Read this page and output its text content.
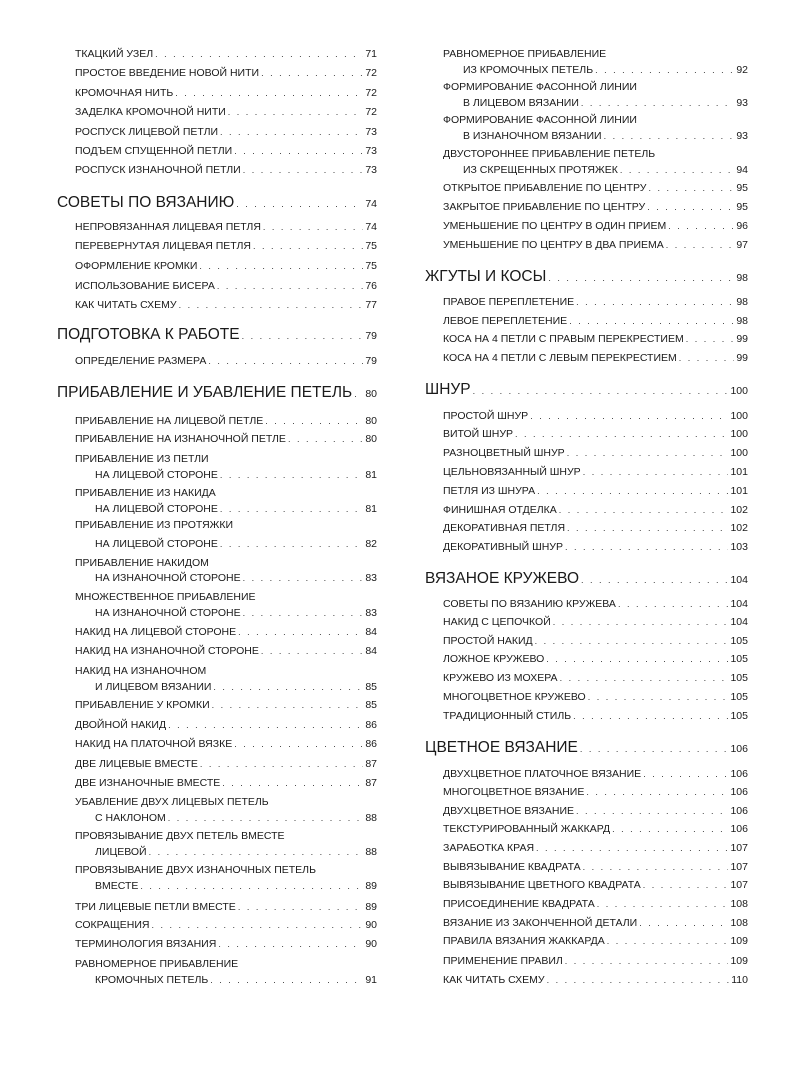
ТКАЦКИЙ УЗЕЛ . . .	71
ПРОСТОЕ ВВЕДЕНИЕ НОВОЙ НИТИ . . .	72
КРОМОЧНАЯ НИТЬ . . .	72
ЗАДЕЛКА КРОМОЧНОЙ НИТИ . . .	72
РОСПУСК ЛИЦЕВОЙ ПЕТЛИ . . .	73
ПОДЪЕМ СПУЩЕННОЙ ПЕТЛИ . . .	73
РОСПУСК ИЗНАНОЧНОЙ ПЕТЛИ . . .	73
СОВЕТЫ ПО ВЯЗАНИЮ . . .	74
НЕПРОВЯЗАННАЯ ЛИЦЕВАЯ ПЕТЛЯ . . .	74
ПЕРЕВЕРНУТАЯ ЛИЦЕВАЯ ПЕТЛЯ . . .	75
ОФОРМЛЕНИЕ КРОМКИ . . .	75
ИСПОЛЬЗОВАНИЕ БИСЕРА . . .	76
КАК ЧИТАТЬ СХЕМУ . . .	77
ПОДГОТОВКА К РАБОТЕ . . .	79
ОПРЕДЕЛЕНИЕ РАЗМЕРА . . .	79
ПРИБАВЛЕНИЕ И УБАВЛЕНИЕ ПЕТЕЛЬ . . . 80
ПРИБАВЛЕНИЕ НА ЛИЦЕВОЙ ПЕТЛЕ . . .	80
ПРИБАВЛЕНИЕ НА ИЗНАНОЧНОЙ ПЕТЛЕ . . .	80
ПРИБАВЛЕНИЕ ИЗ ПЕТЛИ
НА ЛИЦЕВОЙ СТОРОНЕ . . .	81
ПРИБАВЛЕНИЕ ИЗ НАКИДА
НА ЛИЦЕВОЙ СТОРОНЕ . . .	81
ПРИБАВЛЕНИЕ ИЗ ПРОТЯЖКИ
НА ЛИЦЕВОЙ СТОРОНЕ . . .	82
ПРИБАВЛЕНИЕ НАКИДОМ
НА ИЗНАНОЧНОЙ СТОРОНЕ . . .	83
МНОЖЕСТВЕННОЕ ПРИБАВЛЕНИЕ
НА ИЗНАНОЧНОЙ СТОРОНЕ . . .	83
НАКИД НА ЛИЦЕВОЙ СТОРОНЕ . . .	84
НАКИД НА ИЗНАНОЧНОЙ СТОРОНЕ . . .	84
НАКИД НА ИЗНАНОЧНОМ
И ЛИЦЕВОМ ВЯЗАНИИ . . .	85
ПРИБАВЛЕНИЕ У КРОМКИ . . .	85
ДВОЙНОЙ НАКИД . . .	86
НАКИД НА ПЛАТОЧНОЙ ВЯЗКЕ . . .	86
ДВЕ ЛИЦЕВЫЕ ВМЕСТЕ . . .	87
ДВЕ ИЗНАНОЧНЫЕ ВМЕСТЕ . . .	87
УБАВЛЕНИЕ ДВУХ ЛИЦЕВЫХ ПЕТЕЛЬ
С НАКЛОНОМ . . .	88
ПРОВЯЗЫВАНИЕ ДВУХ ПЕТЕЛЬ ВМЕСТЕ
ЛИЦЕВОЙ . . .	88
ПРОВЯЗЫВАНИЕ ДВУХ ИЗНАНОЧНЫХ ПЕТЕЛЬ
ВМЕСТЕ . . .	89
ТРИ ЛИЦЕВЫЕ ПЕТЛИ ВМЕСТЕ . . .	89
СОКРАЩЕНИЯ . . .	90
ТЕРМИНОЛОГИЯ ВЯЗАНИЯ . . .	90
РАВНОМЕРНОЕ ПРИБАВЛЕНИЕ
КРОМОЧНЫХ ПЕТЕЛЬ . . .	91
РАВНОМЕРНОЕ ПРИБАВЛЕНИЕ
ИЗ КРОМОЧНЫХ ПЕТЕЛЬ . . .	92
ФОРМИРОВАНИЕ ФАСОННОЙ ЛИНИИ
В ЛИЦЕВОМ ВЯЗАНИИ . . .	93
ФОРМИРОВАНИЕ ФАСОННОЙ ЛИНИИ
В ИЗНАНОЧНОМ ВЯЗАНИИ . . .	93
ДВУСТОРОННЕЕ ПРИБАВЛЕНИЕ ПЕТЕЛЬ
ИЗ СКРЕЩЕННЫХ ПРОТЯЖЕК . . .	94
ОТКРЫТОЕ ПРИБАВЛЕНИЕ ПО ЦЕНТРУ . . .	95
ЗАКРЫТОЕ ПРИБАВЛЕНИЕ ПО ЦЕНТРУ . . .	95
УМЕНЬШЕНИЕ ПО ЦЕНТРУ В ОДИН ПРИЕМ . . .	96
УМЕНЬШЕНИЕ ПО ЦЕНТРУ В ДВА ПРИЕМА . . .	97
ЖГУТЫ И КОСЫ . . .	98
ПРАВОЕ ПЕРЕПЛЕТЕНИЕ . . .	98
ЛЕВОЕ ПЕРЕПЛЕТЕНИЕ . . .	98
КОСА НА 4 ПЕТЛИ С ПРАВЫМ ПЕРЕКРЕСТИЕМ . . .	99
КОСА НА 4 ПЕТЛИ С ЛЕВЫМ ПЕРЕКРЕСТИЕМ . . .	99
ШНУР . . .	100
ПРОСТОЙ ШНУР . . .	100
ВИТОЙ ШНУР . . .	100
РАЗНОЦВЕТНЫЙ ШНУР . . .	100
ЦЕЛЬНОВЯЗАННЫЙ ШНУР . . .	101
ПЕТЛЯ ИЗ ШНУРА . . .	101
ФИНИШНАЯ ОТДЕЛКА . . .	102
ДЕКОРАТИВНАЯ ПЕТЛЯ . . .	102
ДЕКОРАТИВНЫЙ ШНУР . . .	103
ВЯЗАНОЕ КРУЖЕВО . . .	104
СОВЕТЫ ПО ВЯЗАНИЮ КРУЖЕВА . . .	104
НАКИД С ЦЕПОЧКОЙ . . .	104
ПРОСТОЙ НАКИД . . .	105
ЛОЖНОЕ КРУЖЕВО . . .	105
КРУЖЕВО ИЗ МОХЕРА . . .	105
МНОГОЦВЕТНОЕ КРУЖЕВО . . .	105
ТРАДИЦИОННЫЙ СТИЛЬ . . .	105
ЦВЕТНОЕ ВЯЗАНИЕ . . .	106
ДВУХЦВЕТНОЕ ПЛАТОЧНОЕ ВЯЗАНИЕ . . .	106
МНОГОЦВЕТНОЕ ВЯЗАНИЕ . . .	106
ДВУХЦВЕТНОЕ ВЯЗАНИЕ . . .	106
ТЕКСТУРИРОВАННЫЙ ЖАККАРД . . .	106
ЗАРАБОТКА КРАЯ . . .	107
ВЫВЯЗЫВАНИЕ КВАДРАТА . . .	107
ВЫВЯЗЫВАНИЕ ЦВЕТНОГО КВАДРАТА . . .	107
ПРИСОЕДИНЕНИЕ КВАДРАТА . . .	108
ВЯЗАНИЕ ИЗ ЗАКОНЧЕННОЙ ДЕТАЛИ . . .	108
ПРАВИЛА ВЯЗАНИЯ ЖАККАРДА . . .	109
ПРИМЕНЕНИЕ ПРАВИЛ . . .	109
КАК ЧИТАТЬ СХЕМУ . . .	110
